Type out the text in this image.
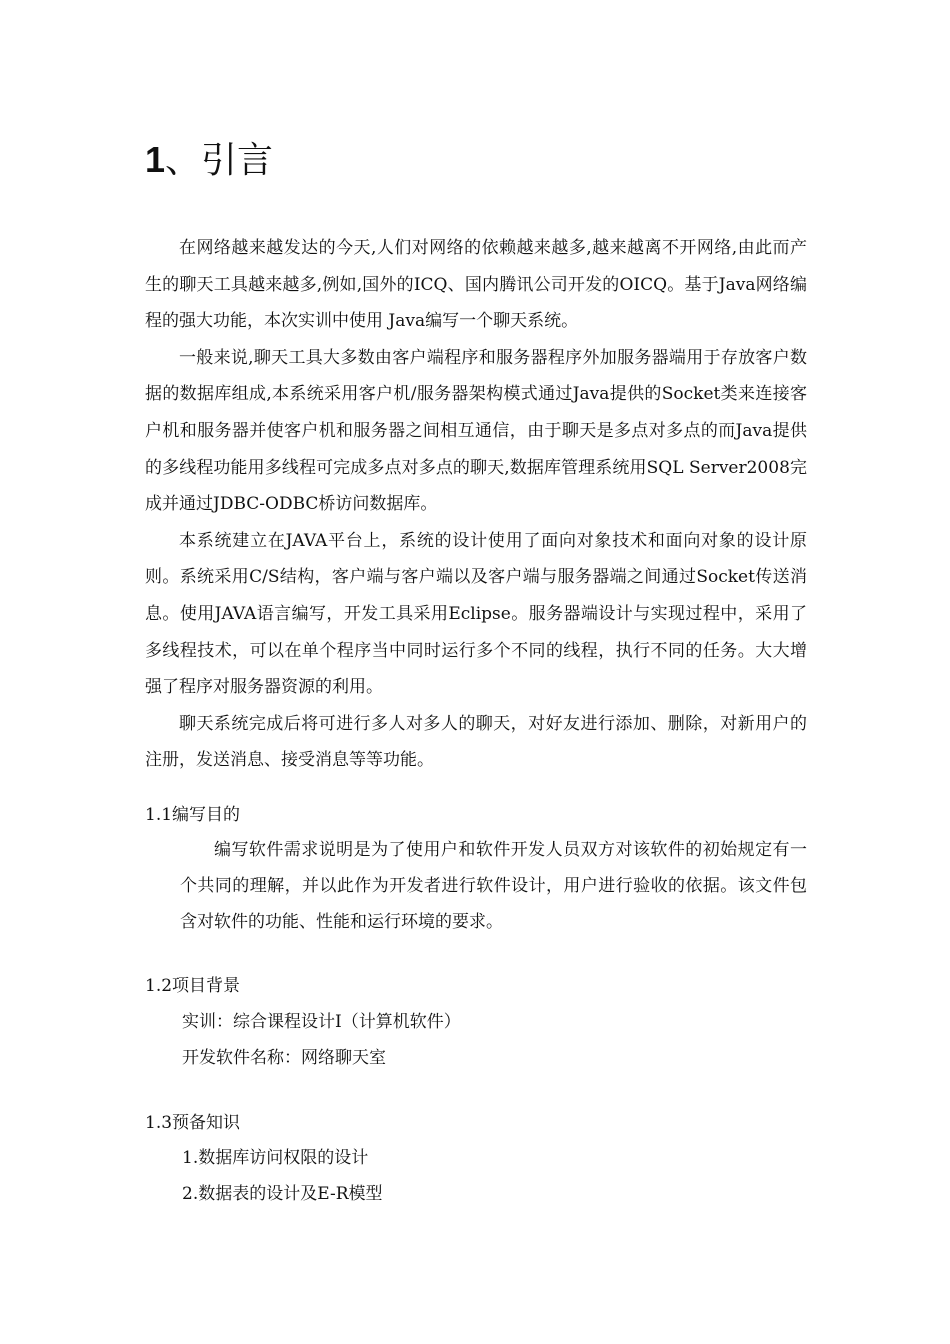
1、引言

在网络越来越发达的今天,人们对网络的依赖越来越多,越来越离不开网络,由此而产生的聊天工具越来越多,例如,国外的ICQ、国内腾讯公司开发的OICQ。基于Java网络编程的强大功能，本次实训中使用 Java编写一个聊天系统。

一般来说,聊天工具大多数由客户端程序和服务器程序外加服务器端用于存放客户数据的数据库组成,本系统采用客户机/服务器架构模式通过Java提供的Socket类来连接客户机和服务器并使客户机和服务器之间相互通信，由于聊天是多点对多点的而Java提供的多线程功能用多线程可完成多点对多点的聊天,数据库管理系统用SQL Server2008完成并通过JDBC-ODBC桥访问数据库。

本系统建立在JAVA平台上，系统的设计使用了面向对象技术和面向对象的设计原则。系统采用C/S结构，客户端与客户端以及客户端与服务器端之间通过Socket传送消息。使用JAVA语言编写，开发工具采用Eclipse。服务器端设计与实现过程中，采用了多线程技术，可以在单个程序当中同时运行多个不同的线程，执行不同的任务。大大增强了程序对服务器资源的利用。

聊天系统完成后将可进行多人对多人的聊天，对好友进行添加、删除，对新用户的注册，发送消息、接受消息等等功能。

1.1编写目的

编写软件需求说明是为了使用户和软件开发人员双方对该软件的初始规定有一个共同的理解，并以此作为开发者进行软件设计，用户进行验收的依据。该文件包含对软件的功能、性能和运行环境的要求。

1.2项目背景
实训：综合课程设计Ⅰ（计算机软件）
开发软件名称：网络聊天室
1.3预备知识
1.数据库访问权限的设计
2.数据表的设计及E-R模型
